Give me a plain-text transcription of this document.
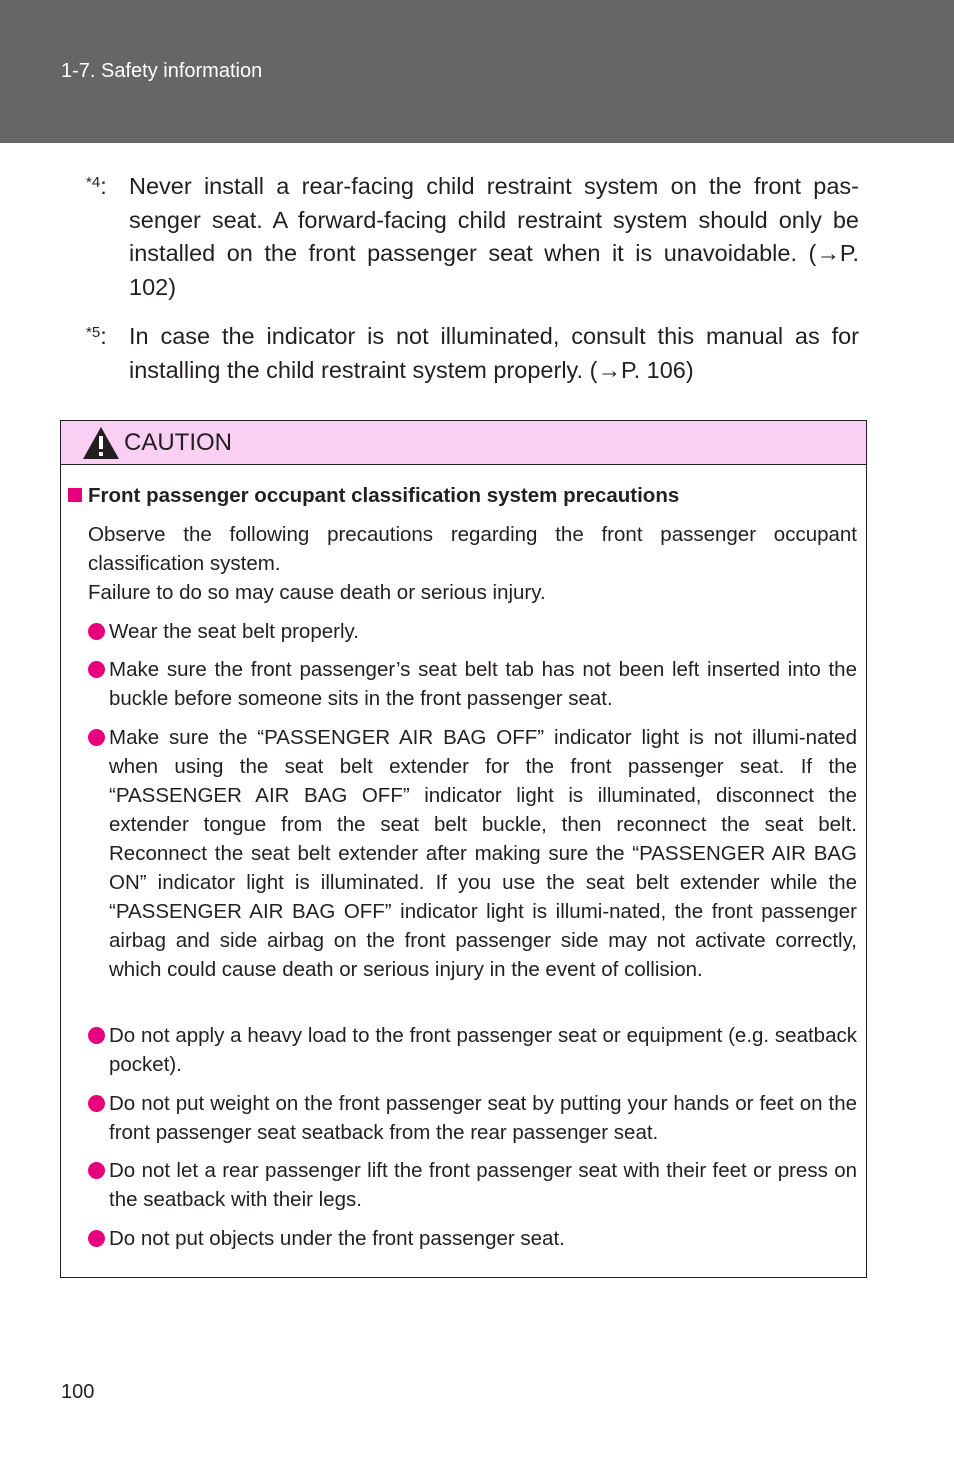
1-7. Safety information
$^{*4}$: Never install a rear-facing child restraint system on the front pas-senger seat. A forward-facing child restraint system should only be installed on the front passenger seat when it is unavoidable. (→P. 102)
$^{*5}$: In case the indicator is not illuminated, consult this manual as for installing the child restraint system properly. (→P. 106)
CAUTION
Front passenger occupant classification system precautions
Observe the following precautions regarding the front passenger occupant classification system.
Failure to do so may cause death or serious injury.
Wear the seat belt properly.
Make sure the front passenger’s seat belt tab has not been left inserted into the buckle before someone sits in the front passenger seat.
Make sure the “PASSENGER AIR BAG OFF” indicator light is not illumi-nated when using the seat belt extender for the front passenger seat. If the “PASSENGER AIR BAG OFF” indicator light is illuminated, disconnect the extender tongue from the seat belt buckle, then reconnect the seat belt. Reconnect the seat belt extender after making sure the “PASSENGER AIR BAG ON” indicator light is illuminated. If you use the seat belt extender while the “PASSENGER AIR BAG OFF” indicator light is illumi-nated, the front passenger airbag and side airbag on the front passenger side may not activate correctly, which could cause death or serious injury in the event of collision.
Do not apply a heavy load to the front passenger seat or equipment (e.g. seatback pocket).
Do not put weight on the front passenger seat by putting your hands or feet on the front passenger seat seatback from the rear passenger seat.
Do not let a rear passenger lift the front passenger seat with their feet or press on the seatback with their legs.
Do not put objects under the front passenger seat.
100
